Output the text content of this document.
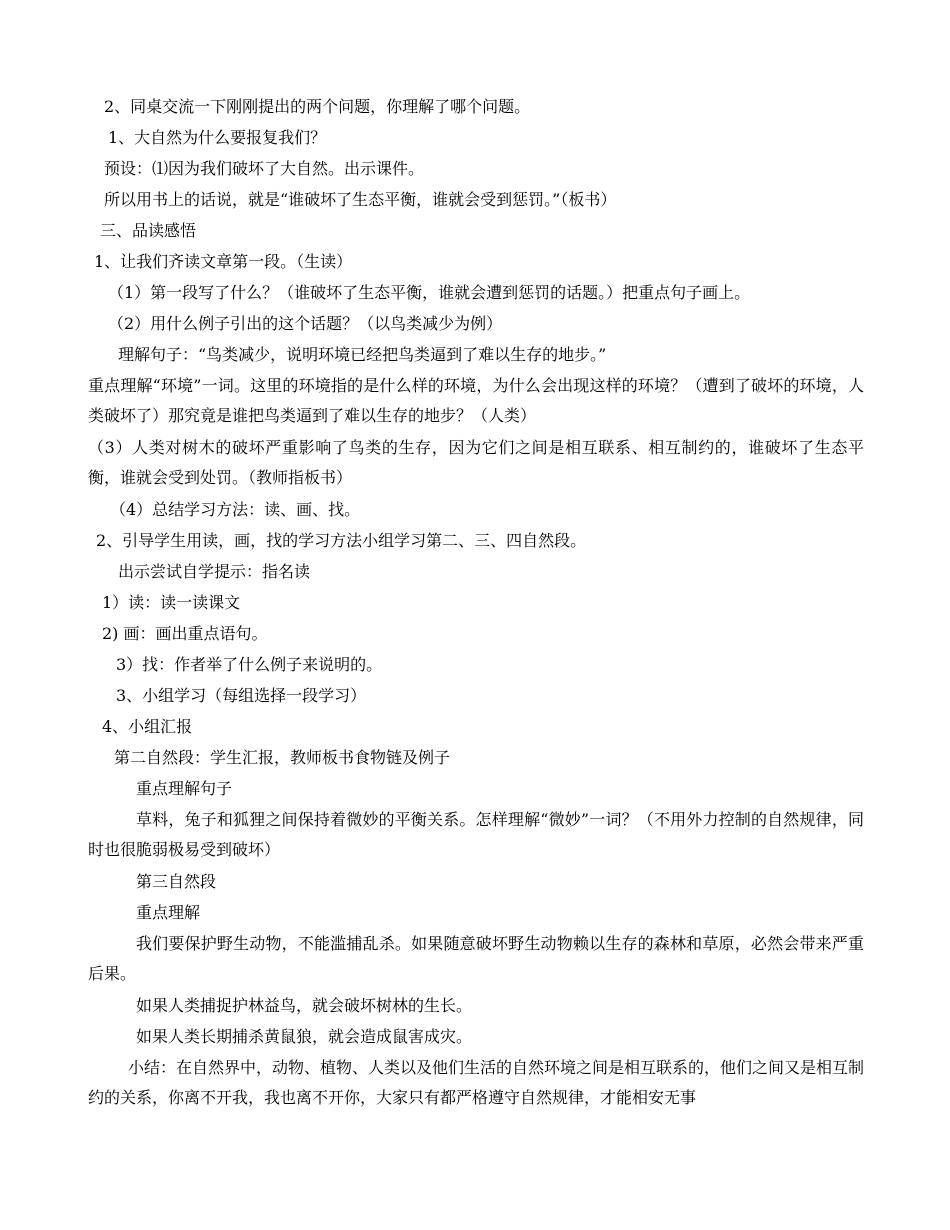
2、同桌交流一下刚刚提出的两个问题，你理解了哪个问题。
1、大自然为什么要报复我们？
预设：⑴因为我们破坏了大自然。出示课件。
所以用书上的话说，就是“谁破坏了生态平衡，谁就会受到惩罚。”（板书）
三、品读感悟
1、让我们齐读文章第一段。（生读）
（1）第一段写了什么？（谁破坏了生态平衡，谁就会遭到惩罚的话题。）把重点句子画上。
（2）用什么例子引出的这个话题？（以鸟类减少为例）
理解句子：“鸟类减少，说明环境已经把鸟类逼到了难以生存的地步。”
重点理解“环境”一词。这里的环境指的是什么样的环境，为什么会出现这样的环境？（遭到了破坏的环境，人类破坏了）那究竟是谁把鸟类逼到了难以生存的地步？（人类）
（3）人类对树木的破坏严重影响了鸟类的生存，因为它们之间是相互联系、相互制约的，谁破坏了生态平衡，谁就会受到处罚。（教师指板书）
（4）总结学习方法：读、画、找。
2、引导学生用读，画，找的学习方法小组学习第二、三、四自然段。
出示尝试自学提示：指名读
1）读：读一读课文
2) 画：画出重点语句。
3）找：作者举了什么例子来说明的。
3、小组学习（每组选择一段学习）
4、小组汇报
第二自然段：学生汇报，教师板书食物链及例子
重点理解句子
草料，兔子和狐狸之间保持着微妙的平衡关系。怎样理解“微妙”一词？（不用外力控制的自然规律，同时也很脆弱极易受到破坏）
第三自然段
重点理解
我们要保护野生动物，不能滥捕乱杀。如果随意破坏野生动物赖以生存的森林和草原，必然会带来严重后果。
如果人类捕捉护林益鸟，就会破坏树林的生长。
如果人类长期捕杀黄鼠狼，就会造成鼠害成灾。
小结：在自然界中，动物、植物、人类以及他们生活的自然环境之间是相互联系的，他们之间又是相互制约的关系，你离不开我，我也离不开你，大家只有都严格遵守自然规律，才能相安无事
